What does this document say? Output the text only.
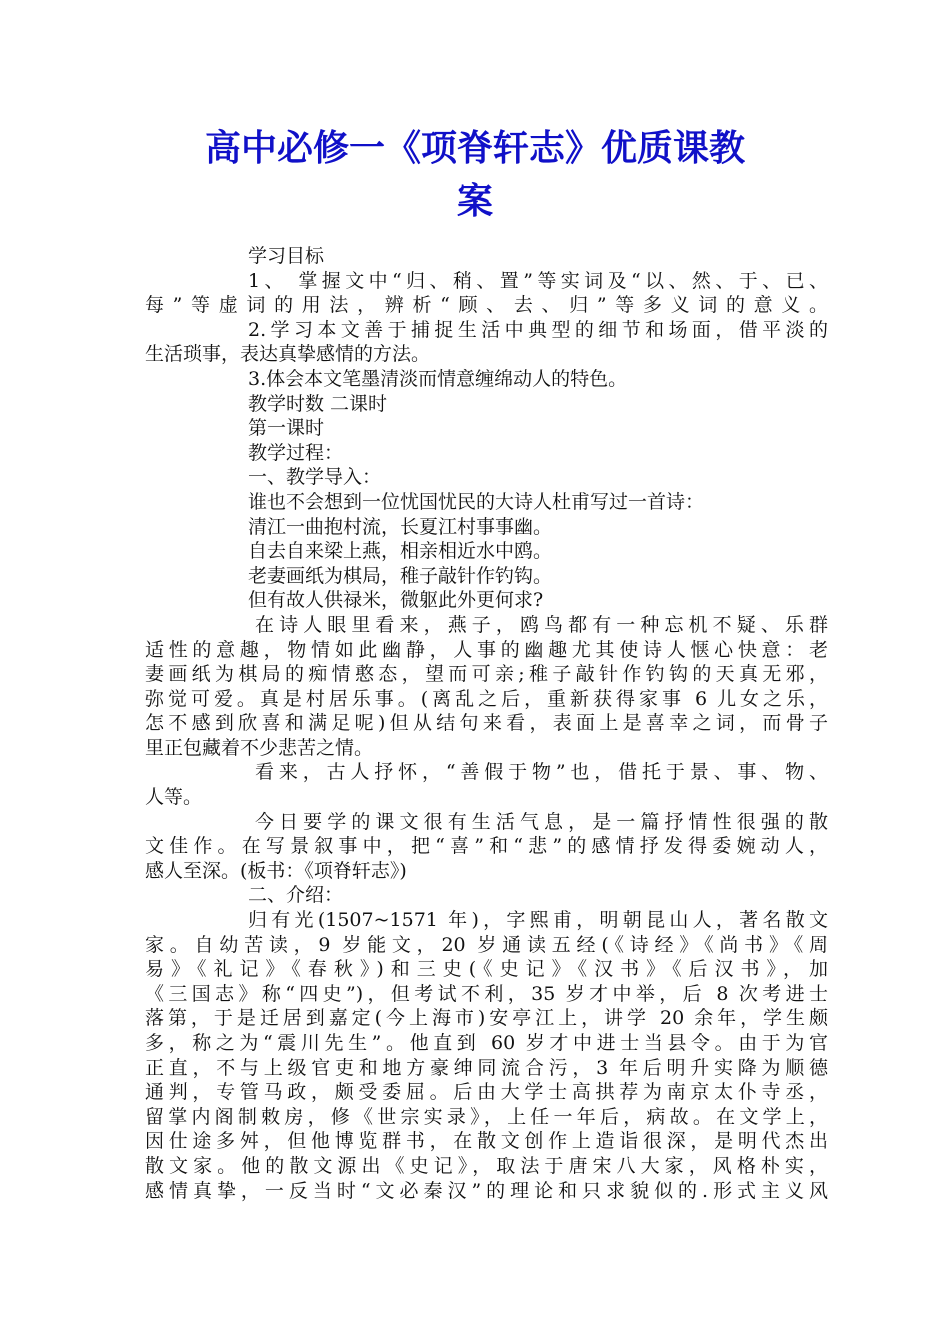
高中必修一《项脊轩志》优质课教
案

学习目标

1、 掌握文中“归、稍、置”等实词及“以、然、于、已、

每”等虚词的用法，辨析“顾、去、归”等多义词的意义。

2.学习本文善于捕捉生活中典型的细节和场面，借平淡的

生活琐事，表达真挚感情的方法。

3.体会本文笔墨清淡而情意缠绵动人的特色。

教学时数 二课时

第一课时

教学过程：

一、教学导入：

谁也不会想到一位忧国忧民的大诗人杜甫写过一首诗：

清江一曲抱村流，长夏江村事事幽。

自去自来梁上燕，相亲相近水中鸥。

老妻画纸为棋局，稚子敲针作钓钩。

但有故人供禄米，微躯此外更何求?

在诗人眼里看来，燕子，鸥鸟都有一种忘机不疑、乐群

适性的意趣，物情如此幽静，人事的幽趣尤其使诗人惬心快意：老

妻画纸为棋局的痴情憨态，望而可亲;稚子敲针作钓钩的天真无邪，

弥觉可爱。真是村居乐事。(离乱之后，重新获得家事 6 儿女之乐，

怎不感到欣喜和满足呢)但从结句来看，表面上是喜幸之词，而骨子

里正包藏着不少悲苦之情。

看来，古人抒怀，“善假于物”也，借托于景、事、物、

人等。

今日要学的课文很有生活气息，是一篇抒情性很强的散

文佳作。在写景叙事中，把“喜”和“悲”的感情抒发得委婉动人，

感人至深。(板书：《项脊轩志》)

二、介绍：

归有光(1507~1571 年)，字熙甫，明朝昆山人，著名散文

家。自幼苦读，9 岁能文，20 岁通读五经(《诗经》《尚书》《周

易》《礼记》《春秋》)和三史(《史记》《汉书》《后汉书》，加

《三国志》称“四史”)，但考试不利，35 岁才中举，后 8 次考进士

落第，于是迁居到嘉定(今上海市)安亭江上，讲学 20 余年，学生颇

多，称之为“震川先生”。他直到 60 岁才中进士当县令。由于为官

正直，不与上级官吏和地方豪绅同流合污，3 年后明升实降为顺德

通判，专管马政，颇受委屈。后由大学士高拱荐为南京太仆寺丞，

留掌内阁制敕房，修《世宗实录》，上任一年后，病故。在文学上，

因仕途多舛，但他博览群书，在散文创作上造诣很深，是明代杰出

散文家。他的散文源出《史记》，取法于唐宋八大家，风格朴实，

感情真挚，一反当时“文必秦汉”的理论和只求貌似的.形式主义风
